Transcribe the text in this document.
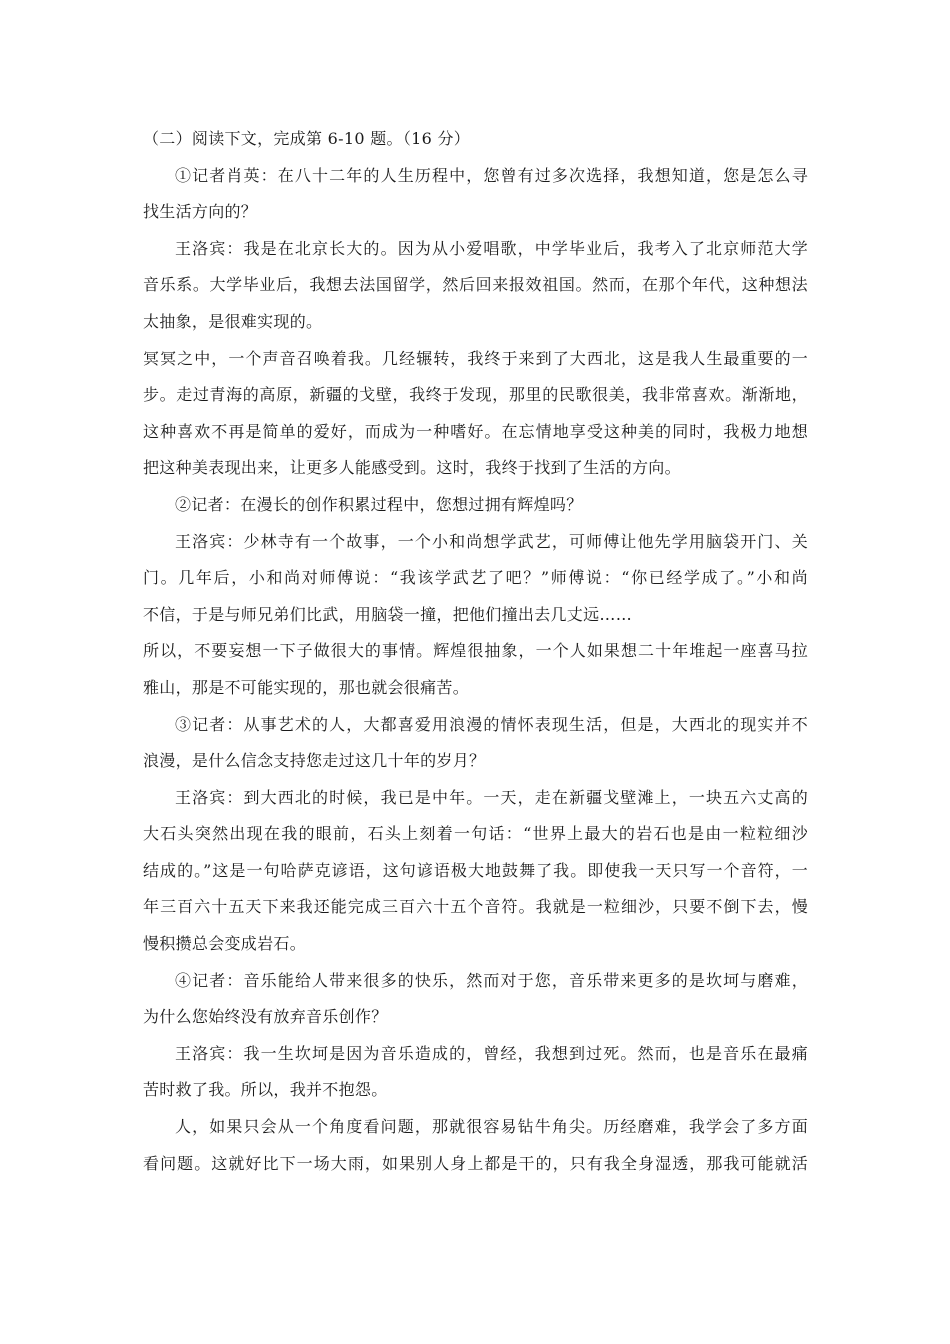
（二）阅读下文，完成第 6-10 题。（16 分）
①记者肖英：在八十二年的人生历程中，您曾有过多次选择，我想知道，您是怎么寻
找生活方向的？
王洛宾：我是在北京长大的。因为从小爱唱歌，中学毕业后，我考入了北京师范大学
音乐系。大学毕业后，我想去法国留学，然后回来报效祖国。然而，在那个年代，这种想法
太抽象，是很难实现的。
冥冥之中，一个声音召唤着我。几经辗转，我终于来到了大西北，这是我人生最重要的一
步。走过青海的高原，新疆的戈壁，我终于发现，那里的民歌很美，我非常喜欢。渐渐地，
这种喜欢不再是简单的爱好，而成为一种嗜好。在忘情地享受这种美的同时，我极力地想
把这种美表现出来，让更多人能感受到。这时，我终于找到了生活的方向。
②记者：在漫长的创作积累过程中，您想过拥有辉煌吗？
王洛宾：少林寺有一个故事，一个小和尚想学武艺，可师傅让他先学用脑袋开门、关
门。几年后，小和尚对师傅说：“我该学武艺了吧？”师傅说：“你已经学成了。”小和尚
不信，于是与师兄弟们比武，用脑袋一撞，把他们撞出去几丈远……
所以，不要妄想一下子做很大的事情。辉煌很抽象，一个人如果想二十年堆起一座喜马拉
雅山，那是不可能实现的，那也就会很痛苦。
③记者：从事艺术的人，大都喜爱用浪漫的情怀表现生活，但是，大西北的现实并不
浪漫，是什么信念支持您走过这几十年的岁月？
王洛宾：到大西北的时候，我已是中年。一天，走在新疆戈壁滩上，一块五六丈高的
大石头突然出现在我的眼前，石头上刻着一句话：“世界上最大的岩石也是由一粒粒细沙
结成的。”这是一句哈萨克谚语，这句谚语极大地鼓舞了我。即使我一天只写一个音符，一
年三百六十五天下来我还能完成三百六十五个音符。我就是一粒细沙，只要不倒下去，慢
慢积攒总会变成岩石。
④记者：音乐能给人带来很多的快乐，然而对于您，音乐带来更多的是坎坷与磨难，
为什么您始终没有放弃音乐创作？
王洛宾：我一生坎坷是因为音乐造成的，曾经，我想到过死。然而，也是音乐在最痛
苦时救了我。所以，我并不抱怨。
人，如果只会从一个角度看问题，那就很容易钻牛角尖。历经磨难，我学会了多方面
看问题。这就好比下一场大雨，如果别人身上都是干的，只有我全身湿透，那我可能就活
